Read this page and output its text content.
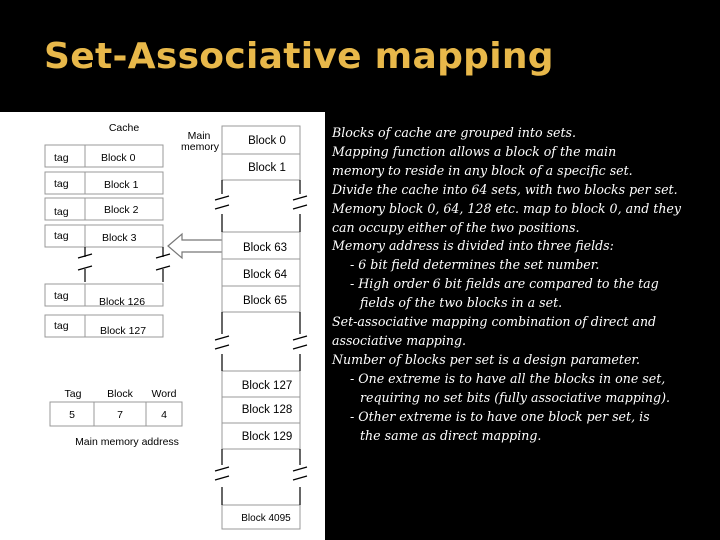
Set-Associative mapping
Cache
tag	Block 0
tag	Block 1
tag	Block 2
tag	Block 3
tag	Block 126
tag	Block 127
Main
memory	Block 0
Block 1
Block 63
Block 64
Block 65
Block 127
Block 128
Block 129
Block 4095
Tag Block Word
5	7	4
Main memory address
Blocks of cache are grouped into sets.
Mapping function allows a block of the main
memory to reside in any block of a specific set.
Divide the cache into 64 sets, with two blocks per set.
Memory block 0, 64, 128 etc. map to block 0, and they
can occupy either of the two positions.
Memory address is divided into three fields:
- 6 bit field determines the set number.
- High order 6 bit fields are compared to the tag
fields of the two blocks in a set.
Set-associative mapping combination of direct and
associative mapping.
Number of blocks per set is a design parameter.
- One extreme is to have all the blocks in one set,
requiring no set bits (fully associative mapping).
- Other extreme is to have one block per set, is
the same as direct mapping.
